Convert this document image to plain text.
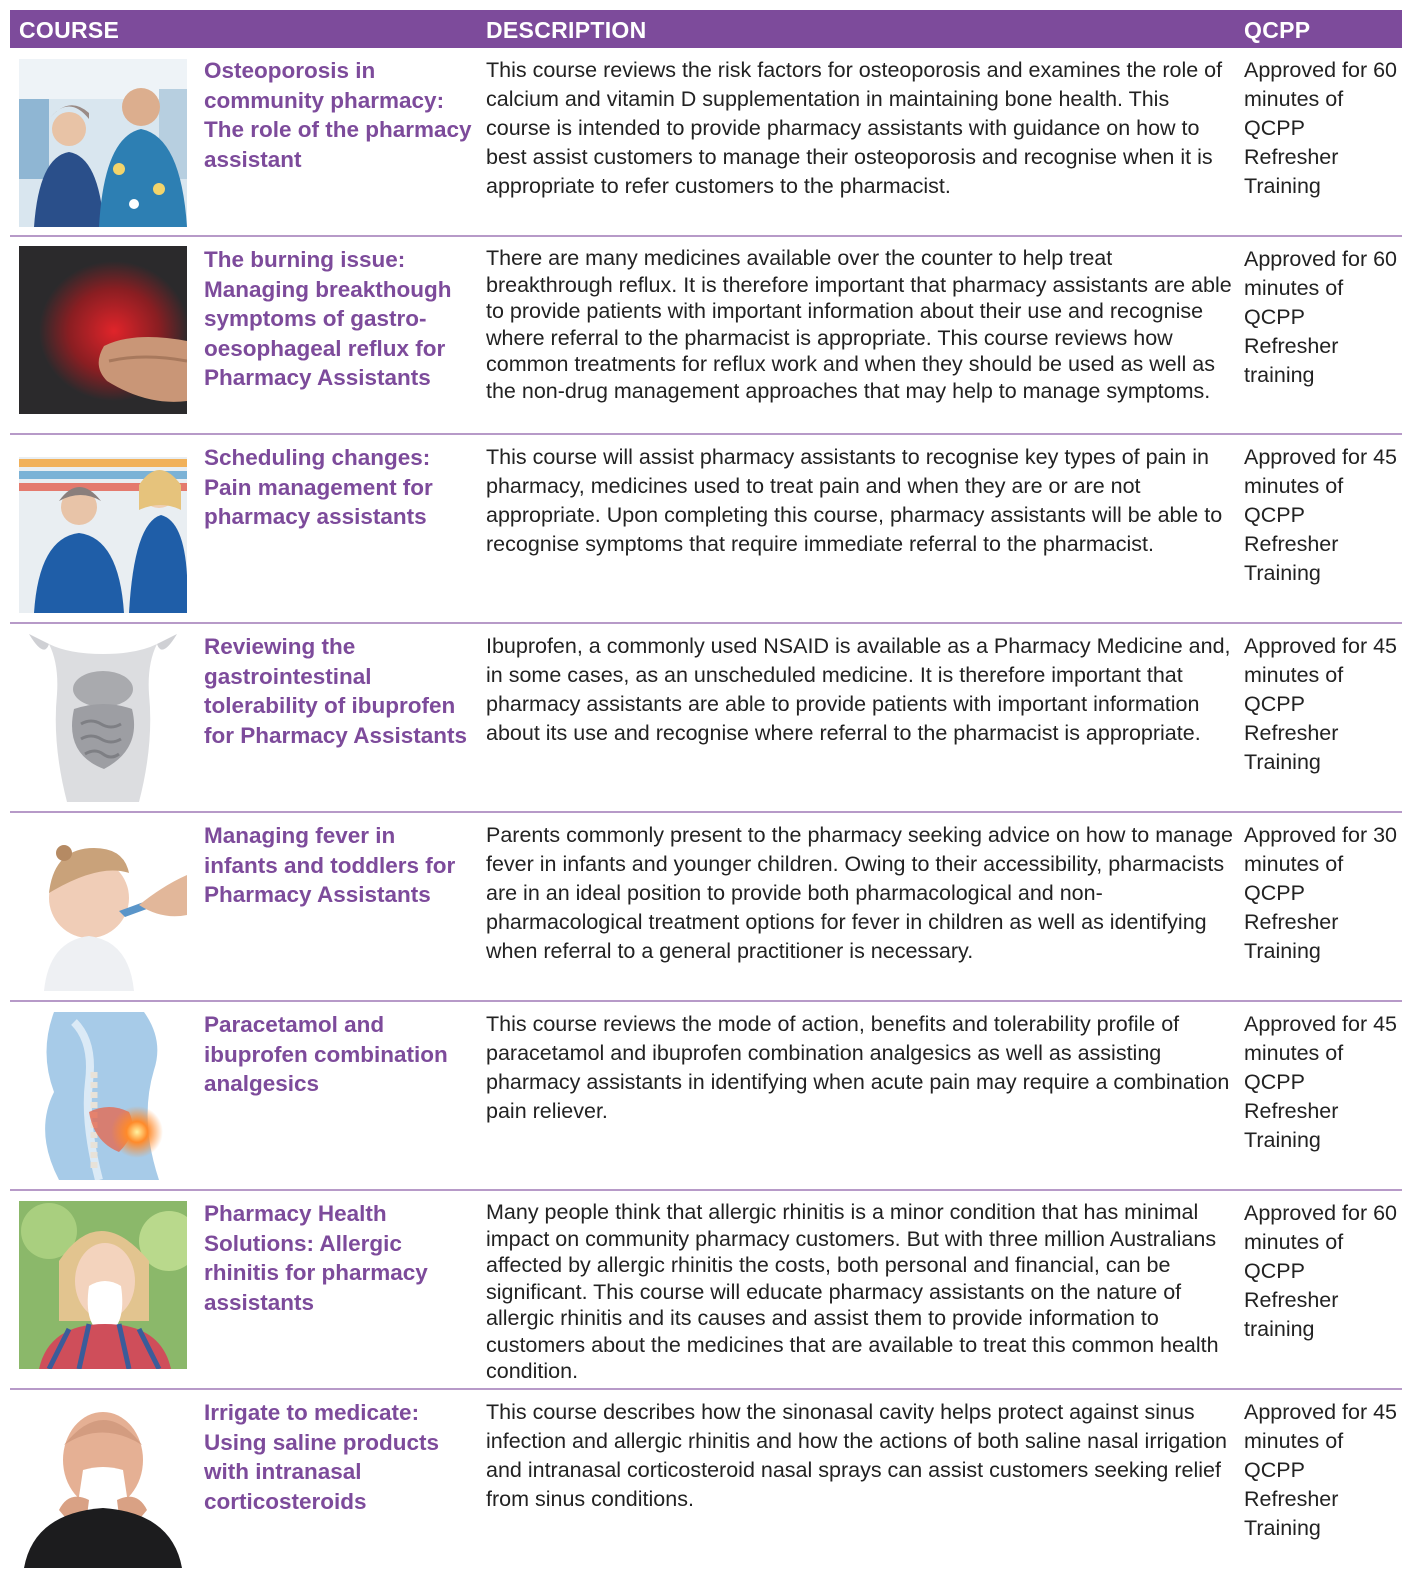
COURSE	DESCRIPTION	QCPP
Osteoporosis in community pharmacy: The role of the pharmacy assistant
This course reviews the risk factors for osteoporosis and examines the role of calcium and vitamin D supplementation in maintaining bone health. This course is intended to provide pharmacy assistants with guidance on how to best assist customers to manage their osteoporosis and recognise when it is appropriate to refer customers to the pharmacist.
Approved for 60 minutes of QCPP Refresher Training
The burning issue: Managing breakthough symptoms of gastro-oesophageal reflux for Pharmacy Assistants
There are many medicines available over the counter to help treat breakthrough reflux. It is therefore important that pharmacy assistants are able to provide patients with important information about their use and recognise where referral to the pharmacist is appropriate. This course reviews how common treatments for reflux work and when they should be used as well as the non-drug management approaches that may help to manage symptoms.
Approved for 60 minutes of QCPP Refresher training
Scheduling changes: Pain management for pharmacy assistants
This course will assist pharmacy assistants to recognise key types of pain in pharmacy, medicines used to treat pain and when they are or are not appropriate. Upon completing this course, pharmacy assistants will be able to recognise symptoms that require immediate referral to the pharmacist.
Approved for 45 minutes of QCPP Refresher Training
Reviewing the gastrointestinal tolerability of ibuprofen for Pharmacy Assistants
Ibuprofen, a commonly used NSAID is available as a Pharmacy Medicine and, in some cases, as an unscheduled medicine. It is therefore important that pharmacy assistants are able to provide patients with important information about its use and recognise where referral to the pharmacist is appropriate.
Approved for 45 minutes of QCPP Refresher Training
Managing fever in infants and toddlers for Pharmacy Assistants
Parents commonly present to the pharmacy seeking advice on how to manage fever in infants and younger children. Owing to their accessibility, pharmacists are in an ideal position to provide both pharmacological and non-pharmacological treatment options for fever in children as well as identifying when referral to a general practitioner is necessary.
Approved for 30 minutes of QCPP Refresher Training
Paracetamol and ibuprofen combination analgesics
This course reviews the mode of action, benefits and tolerability profile of paracetamol and ibuprofen combination analgesics as well as assisting pharmacy assistants in identifying when acute pain may require a combination pain reliever.
Approved for 45 minutes of QCPP Refresher Training
Pharmacy Health Solutions: Allergic rhinitis for pharmacy assistants
Many people think that allergic rhinitis is a minor condition that has minimal impact on community pharmacy customers. But with three million Australians affected by allergic rhinitis the costs, both personal and financial, can be significant. This course will educate pharmacy assistants on the nature of allergic rhinitis and its causes and assist them to provide information to customers about the medicines that are available to treat this common health condition.
Approved for 60 minutes of QCPP Refresher training
Irrigate to medicate: Using saline products with intranasal corticosteroids
This course describes how the sinonasal cavity helps protect against sinus infection and allergic rhinitis and how the actions of both saline nasal irrigation and intranasal corticosteroid nasal sprays can assist customers seeking relief from sinus conditions.
Approved for 45 minutes of QCPP Refresher Training
